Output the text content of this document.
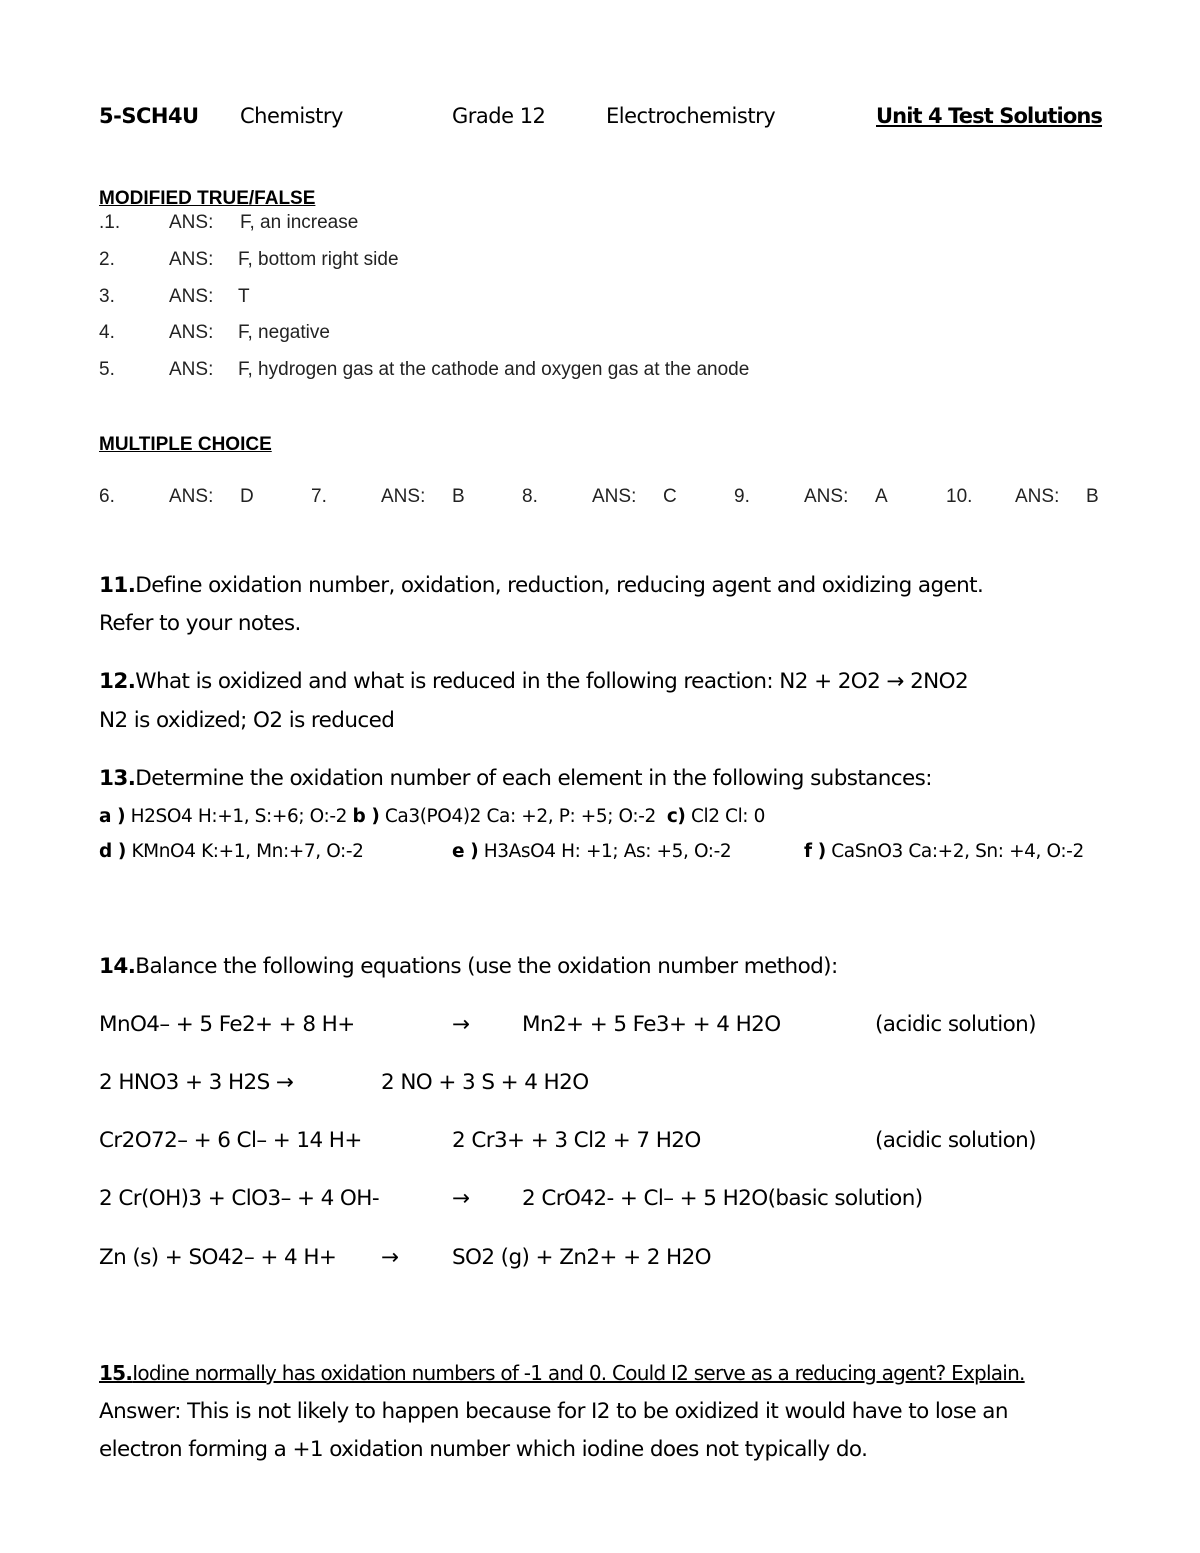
5-SCH4U Chemistry	Grade 12	Electrochemistry	Unit 4 Test Solutions
MODIFIED TRUE/FALSE
.1.	ANS: F, an increase
2.	ANS: F, bottom right side
3.	ANS: T
4.	ANS: F, negative
5.	ANS: F, hydrogen gas at the cathode and oxygen gas at the anode
MULTIPLE CHOICE
6.	ANS: D	7.	ANS: B	8.	ANS: C	9.	ANS: A	10. ANS: B
11.Define oxidation number, oxidation, reduction, reducing agent and oxidizing agent.
Refer to your notes.
12.What is oxidized and what is reduced in the following reaction: N2 + 2O2 → 2NO2
N2 is oxidized; O2 is reduced
13.Determine the oxidation number of each element in the following substances:
a ) H2SO4 H:+1, S:+6; O:-2 b ) Ca3(PO4)2 Ca: +2, P: +5; O:-2 c) Cl2 Cl: 0
d ) KMnO4 K:+1, Mn:+7, O:-2	e ) H3AsO4 H: +1; As: +5, O:-2	f ) CaSnO3 Ca:+2, Sn: +4, O:-2
14.Balance the following equations (use the oxidation number method):
MnO4– + 5 Fe2+ + 8 H+	→ Mn2+ + 5 Fe3+ + 4 H2O	(acidic solution)
2 HNO3 + 3 H2S →	2 NO + 3 S + 4 H2O
Cr2O72– + 6 Cl– + 14 H+	2 Cr3+ + 3 Cl2 + 7 H2O	(acidic solution)
2 Cr(OH)3 + ClO3– + 4 OH-	→ 2 CrO42- + Cl– + 5 H2O(basic solution)
Zn (s) + SO42– + 4 H+ → SO2 (g) + Zn2+ + 2 H2O
15.Iodine normally has oxidation numbers of -1 and 0. Could I2 serve as a reducing agent? Explain.
Answer: This is not likely to happen because for I2 to be oxidized it would have to lose an
electron forming a +1 oxidation number which iodine does not typically do.
